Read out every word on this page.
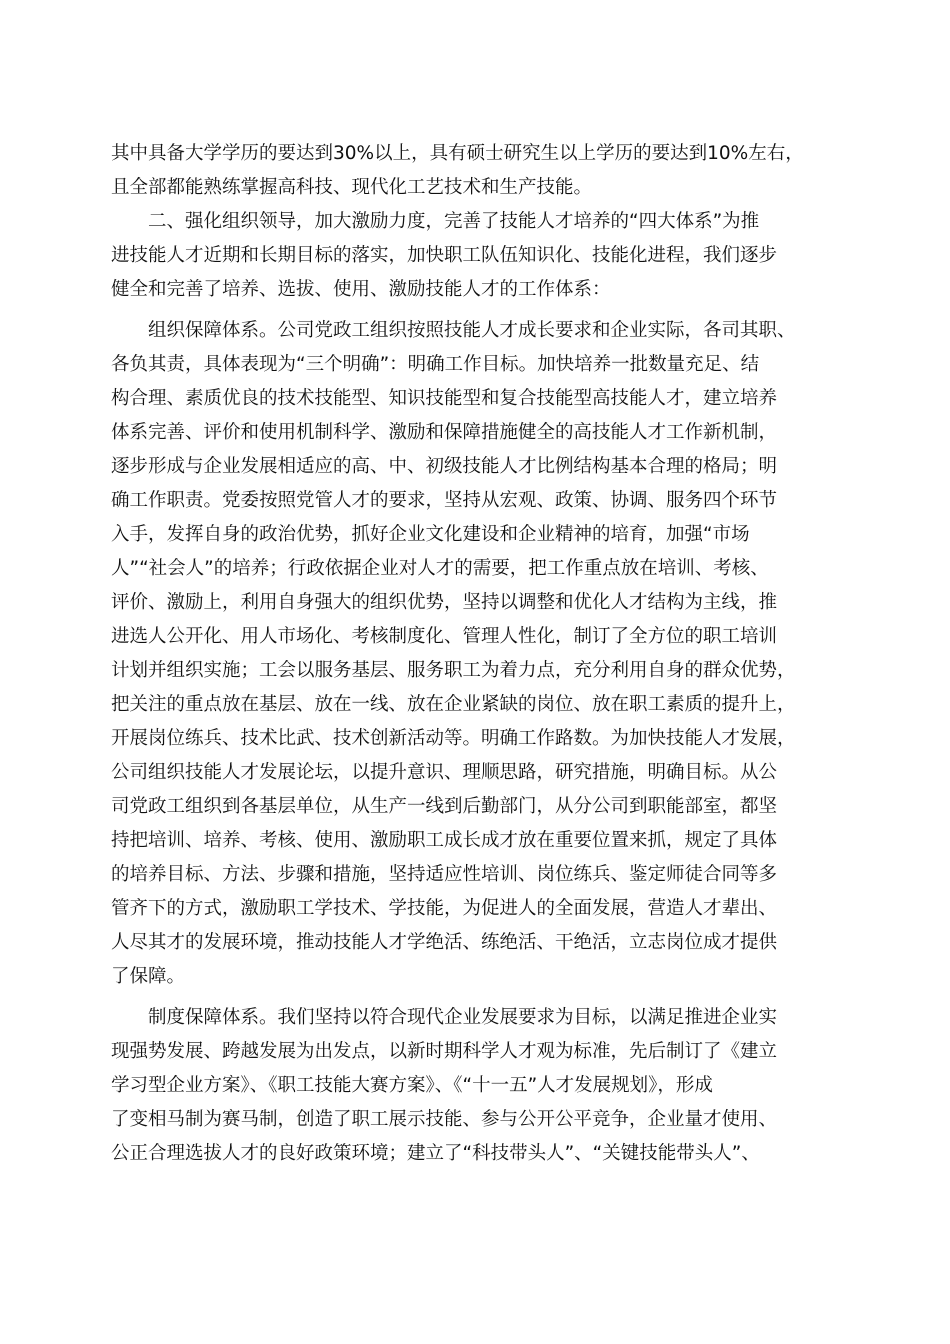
其中具备大学学历的要达到30%以上，具有硕士研究生以上学历的要达到10%左右，
且全部都能熟练掌握高科技、现代化工艺技术和生产技能。
二、强化组织领导，加大激励力度，完善了技能人才培养的“四大体系”为推
进技能人才近期和长期目标的落实，加快职工队伍知识化、技能化进程，我们逐步
健全和完善了培养、选拔、使用、激励技能人才的工作体系：
组织保障体系。公司党政工组织按照技能人才成长要求和企业实际，各司其职、
各负其责，具体表现为“三个明确”：明确工作目标。加快培养一批数量充足、结
构合理、素质优良的技术技能型、知识技能型和复合技能型高技能人才，建立培养
体系完善、评价和使用机制科学、激励和保障措施健全的高技能人才工作新机制，
逐步形成与企业发展相适应的高、中、初级技能人才比例结构基本合理的格局；明
确工作职责。党委按照党管人才的要求，坚持从宏观、政策、协调、服务四个环节
入手，发挥自身的政治优势，抓好企业文化建设和企业精神的培育，加强“市场
人”“社会人”的培养；行政依据企业对人才的需要，把工作重点放在培训、考核、
评价、激励上，利用自身强大的组织优势，坚持以调整和优化人才结构为主线，推
进选人公开化、用人市场化、考核制度化、管理人性化，制订了全方位的职工培训
计划并组织实施；工会以服务基层、服务职工为着力点，充分利用自身的群众优势，
把关注的重点放在基层、放在一线、放在企业紧缺的岗位、放在职工素质的提升上，
开展岗位练兵、技术比武、技术创新活动等。明确工作路数。为加快技能人才发展，
公司组织技能人才发展论坛，以提升意识、理顺思路，研究措施，明确目标。从公
司党政工组织到各基层单位，从生产一线到后勤部门，从分公司到职能部室，都坚
持把培训、培养、考核、使用、激励职工成长成才放在重要位置来抓，规定了具体
的培养目标、方法、步骤和措施，坚持适应性培训、岗位练兵、鉴定师徒合同等多
管齐下的方式，激励职工学技术、学技能，为促进人的全面发展，营造人才辈出、
人尽其才的发展环境，推动技能人才学绝活、练绝活、干绝活，立志岗位成才提供
了保障。
制度保障体系。我们坚持以符合现代企业发展要求为目标，以满足推进企业实
现强势发展、跨越发展为出发点，以新时期科学人才观为标准，先后制订了《建立
学习型企业方案》、《职工技能大赛方案》、《“十一五”人才发展规划》，形成
了变相马制为赛马制，创造了职工展示技能、参与公开公平竞争，企业量才使用、
公正合理选拔人才的良好政策环境；建立了“科技带头人”、“关键技能带头人”、
